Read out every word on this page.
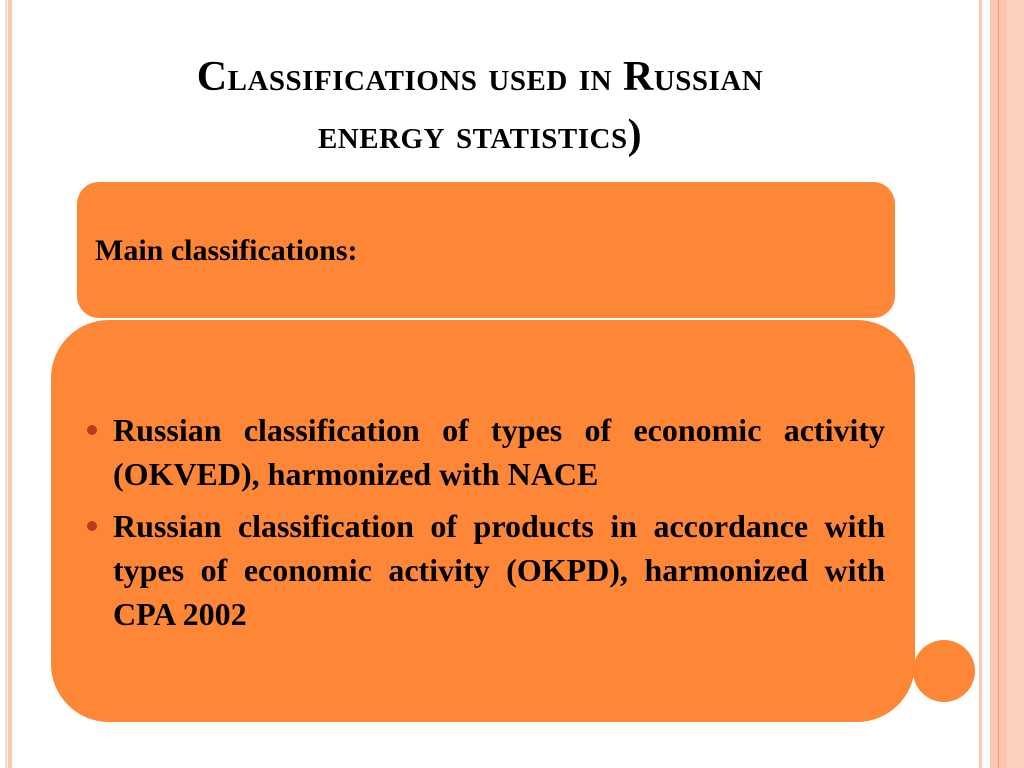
Classifications used in Russian
energy statistics)
Main classifications:
Russian classification of types of economic activity (OKVED), harmonized with NACE
Russian classification of products in accordance with types of economic activity (OKPD), harmonized with CPA 2002
